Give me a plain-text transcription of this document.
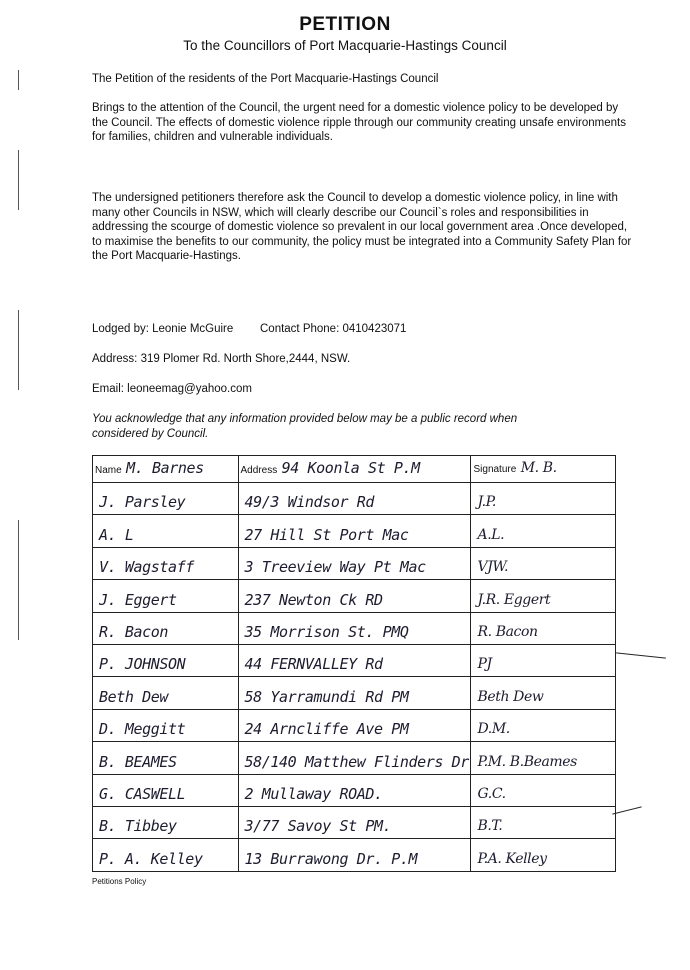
PETITION
To the Councillors of Port Macquarie-Hastings Council
The Petition of the residents of the Port Macquarie-Hastings Council
Brings to the attention of the Council, the urgent need for a domestic violence policy to be developed by the Council. The effects of domestic violence ripple through our community creating unsafe environments for families, children and vulnerable individuals.
The undersigned petitioners therefore ask the Council to develop a domestic violence policy, in line with many other Councils in NSW, which will clearly describe our Council`s roles and responsibilities in addressing the scourge of domestic violence so prevalent in our local government area .Once developed, to maximise the benefits to our community, the policy must be integrated into a Community Safety Plan for the Port Macquarie-Hastings.
Lodged by: Leonie McGuire Contact Phone: 0410423071
Address: 319 Plomer Rd. North Shore,2444, NSW.
Email: leoneemag@yahoo.com
You acknowledge that any information provided below may be a public record when considered by Council.
Name M. Barnes	Address 94 Koonla St P.M	Signature M. B.

J. Parsley	49/3 Windsor Rd	J.P.

A. L	27 Hill St Port Mac	A.L.

V. Wagstaff	3 Treeview Way Pt Mac	VJW.

J. Eggert	237 Newton Ck RD	J.R. Eggert

R. Bacon	35 Morrison St. PMQ	R. Bacon

P. JOHNSON	44 FERNVALLEY Rd	PJ

Beth Dew	58 Yarramundi Rd PM	Beth Dew

D. Meggitt	24 Arncliffe Ave PM	D.M.

B. BEAMES	58/140 Matthew Flinders Dr	P.M. B.Beames

G. CASWELL	2 Mullaway ROAD.	G.C.

B. Tibbey	3/77 Savoy St PM.	B.T.

P. A. Kelley	13 Burrawong Dr. P.M	P.A. Kelley
Petitions Policy
